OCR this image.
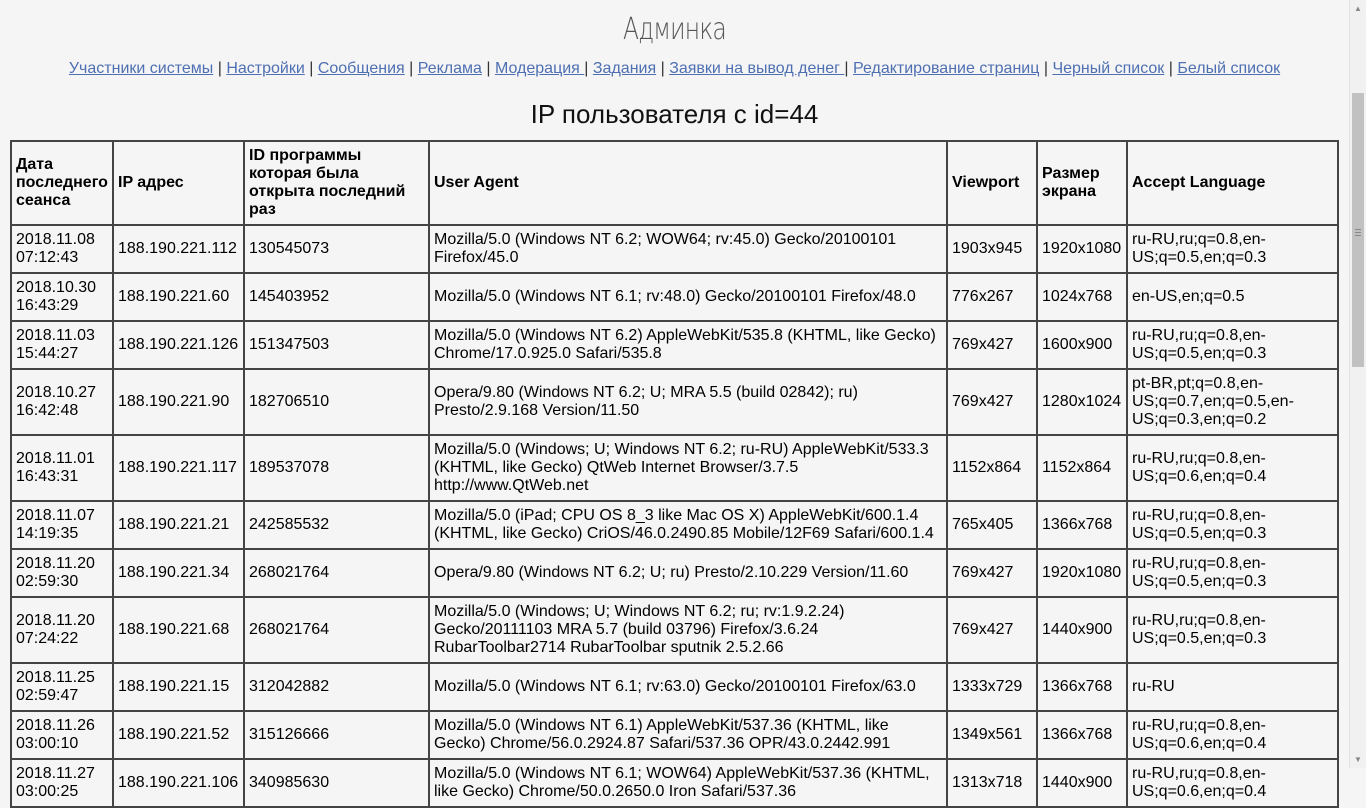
Админка
Участники системы | Настройки | Сообщения | Реклама | Модерация | Задания | Заявки на вывод денег | Редактирование страниц | Черный список | Белый список
IP пользователя с id=44
Дата последнего сеанса	IP адрес	ID программы которая была открыта последний раз	User Agent	Viewport	Размер экрана	Accept Language
2018.11.08 07:12:43	188.190.221.112	130545073	Mozilla/5.0 (Windows NT 6.2; WOW64; rv:45.0) Gecko/20100101 Firefox/45.0	1903x945	1920x1080	ru-RU,ru;q=0.8,en-US;q=0.5,en;q=0.3
2018.10.30 16:43:29	188.190.221.60	145403952	Mozilla/5.0 (Windows NT 6.1; rv:48.0) Gecko/20100101 Firefox/48.0	776x267	1024x768	en-US,en;q=0.5
2018.11.03 15:44:27	188.190.221.126	151347503	Mozilla/5.0 (Windows NT 6.2) AppleWebKit/535.8 (KHTML, like Gecko) Chrome/17.0.925.0 Safari/535.8	769x427	1600x900	ru-RU,ru;q=0.8,en-US;q=0.5,en;q=0.3
2018.10.27 16:42:48	188.190.221.90	182706510	Opera/9.80 (Windows NT 6.2; U; MRA 5.5 (build 02842); ru) Presto/2.9.168 Version/11.50	769x427	1280x1024	pt-BR,pt;q=0.8,en-US;q=0.7,en;q=0.5,en-US;q=0.3,en;q=0.2
2018.11.01 16:43:31	188.190.221.117	189537078	Mozilla/5.0 (Windows; U; Windows NT 6.2; ru-RU) AppleWebKit/533.3 (KHTML, like Gecko) QtWeb Internet Browser/3.7.5 http://www.QtWeb.net	1152x864	1152x864	ru-RU,ru;q=0.8,en-US;q=0.6,en;q=0.4
2018.11.07 14:19:35	188.190.221.21	242585532	Mozilla/5.0 (iPad; CPU OS 8_3 like Mac OS X) AppleWebKit/600.1.4 (KHTML, like Gecko) CriOS/46.0.2490.85 Mobile/12F69 Safari/600.1.4	765x405	1366x768	ru-RU,ru;q=0.8,en-US;q=0.5,en;q=0.3
2018.11.20 02:59:30	188.190.221.34	268021764	Opera/9.80 (Windows NT 6.2; U; ru) Presto/2.10.229 Version/11.60	769x427	1920x1080	ru-RU,ru;q=0.8,en-US;q=0.5,en;q=0.3
2018.11.20 07:24:22	188.190.221.68	268021764	Mozilla/5.0 (Windows; U; Windows NT 6.2; ru; rv:1.9.2.24) Gecko/20111103 MRA 5.7 (build 03796) Firefox/3.6.24 RubarToolbar2714 RubarToolbar sputnik 2.5.2.66	769x427	1440x900	ru-RU,ru;q=0.8,en-US;q=0.5,en;q=0.3
2018.11.25 02:59:47	188.190.221.15	312042882	Mozilla/5.0 (Windows NT 6.1; rv:63.0) Gecko/20100101 Firefox/63.0	1333x729	1366x768	ru-RU
2018.11.26 03:00:10	188.190.221.52	315126666	Mozilla/5.0 (Windows NT 6.1) AppleWebKit/537.36 (KHTML, like Gecko) Chrome/56.0.2924.87 Safari/537.36 OPR/43.0.2442.991	1349x561	1366x768	ru-RU,ru;q=0.8,en-US;q=0.6,en;q=0.4
2018.11.27 03:00:25	188.190.221.106	340985630	Mozilla/5.0 (Windows NT 6.1; WOW64) AppleWebKit/537.36 (KHTML, like Gecko) Chrome/50.0.2650.0 Iron Safari/537.36	1313x718	1440x900	ru-RU,ru;q=0.8,en-US;q=0.6,en;q=0.4
▲
▼
